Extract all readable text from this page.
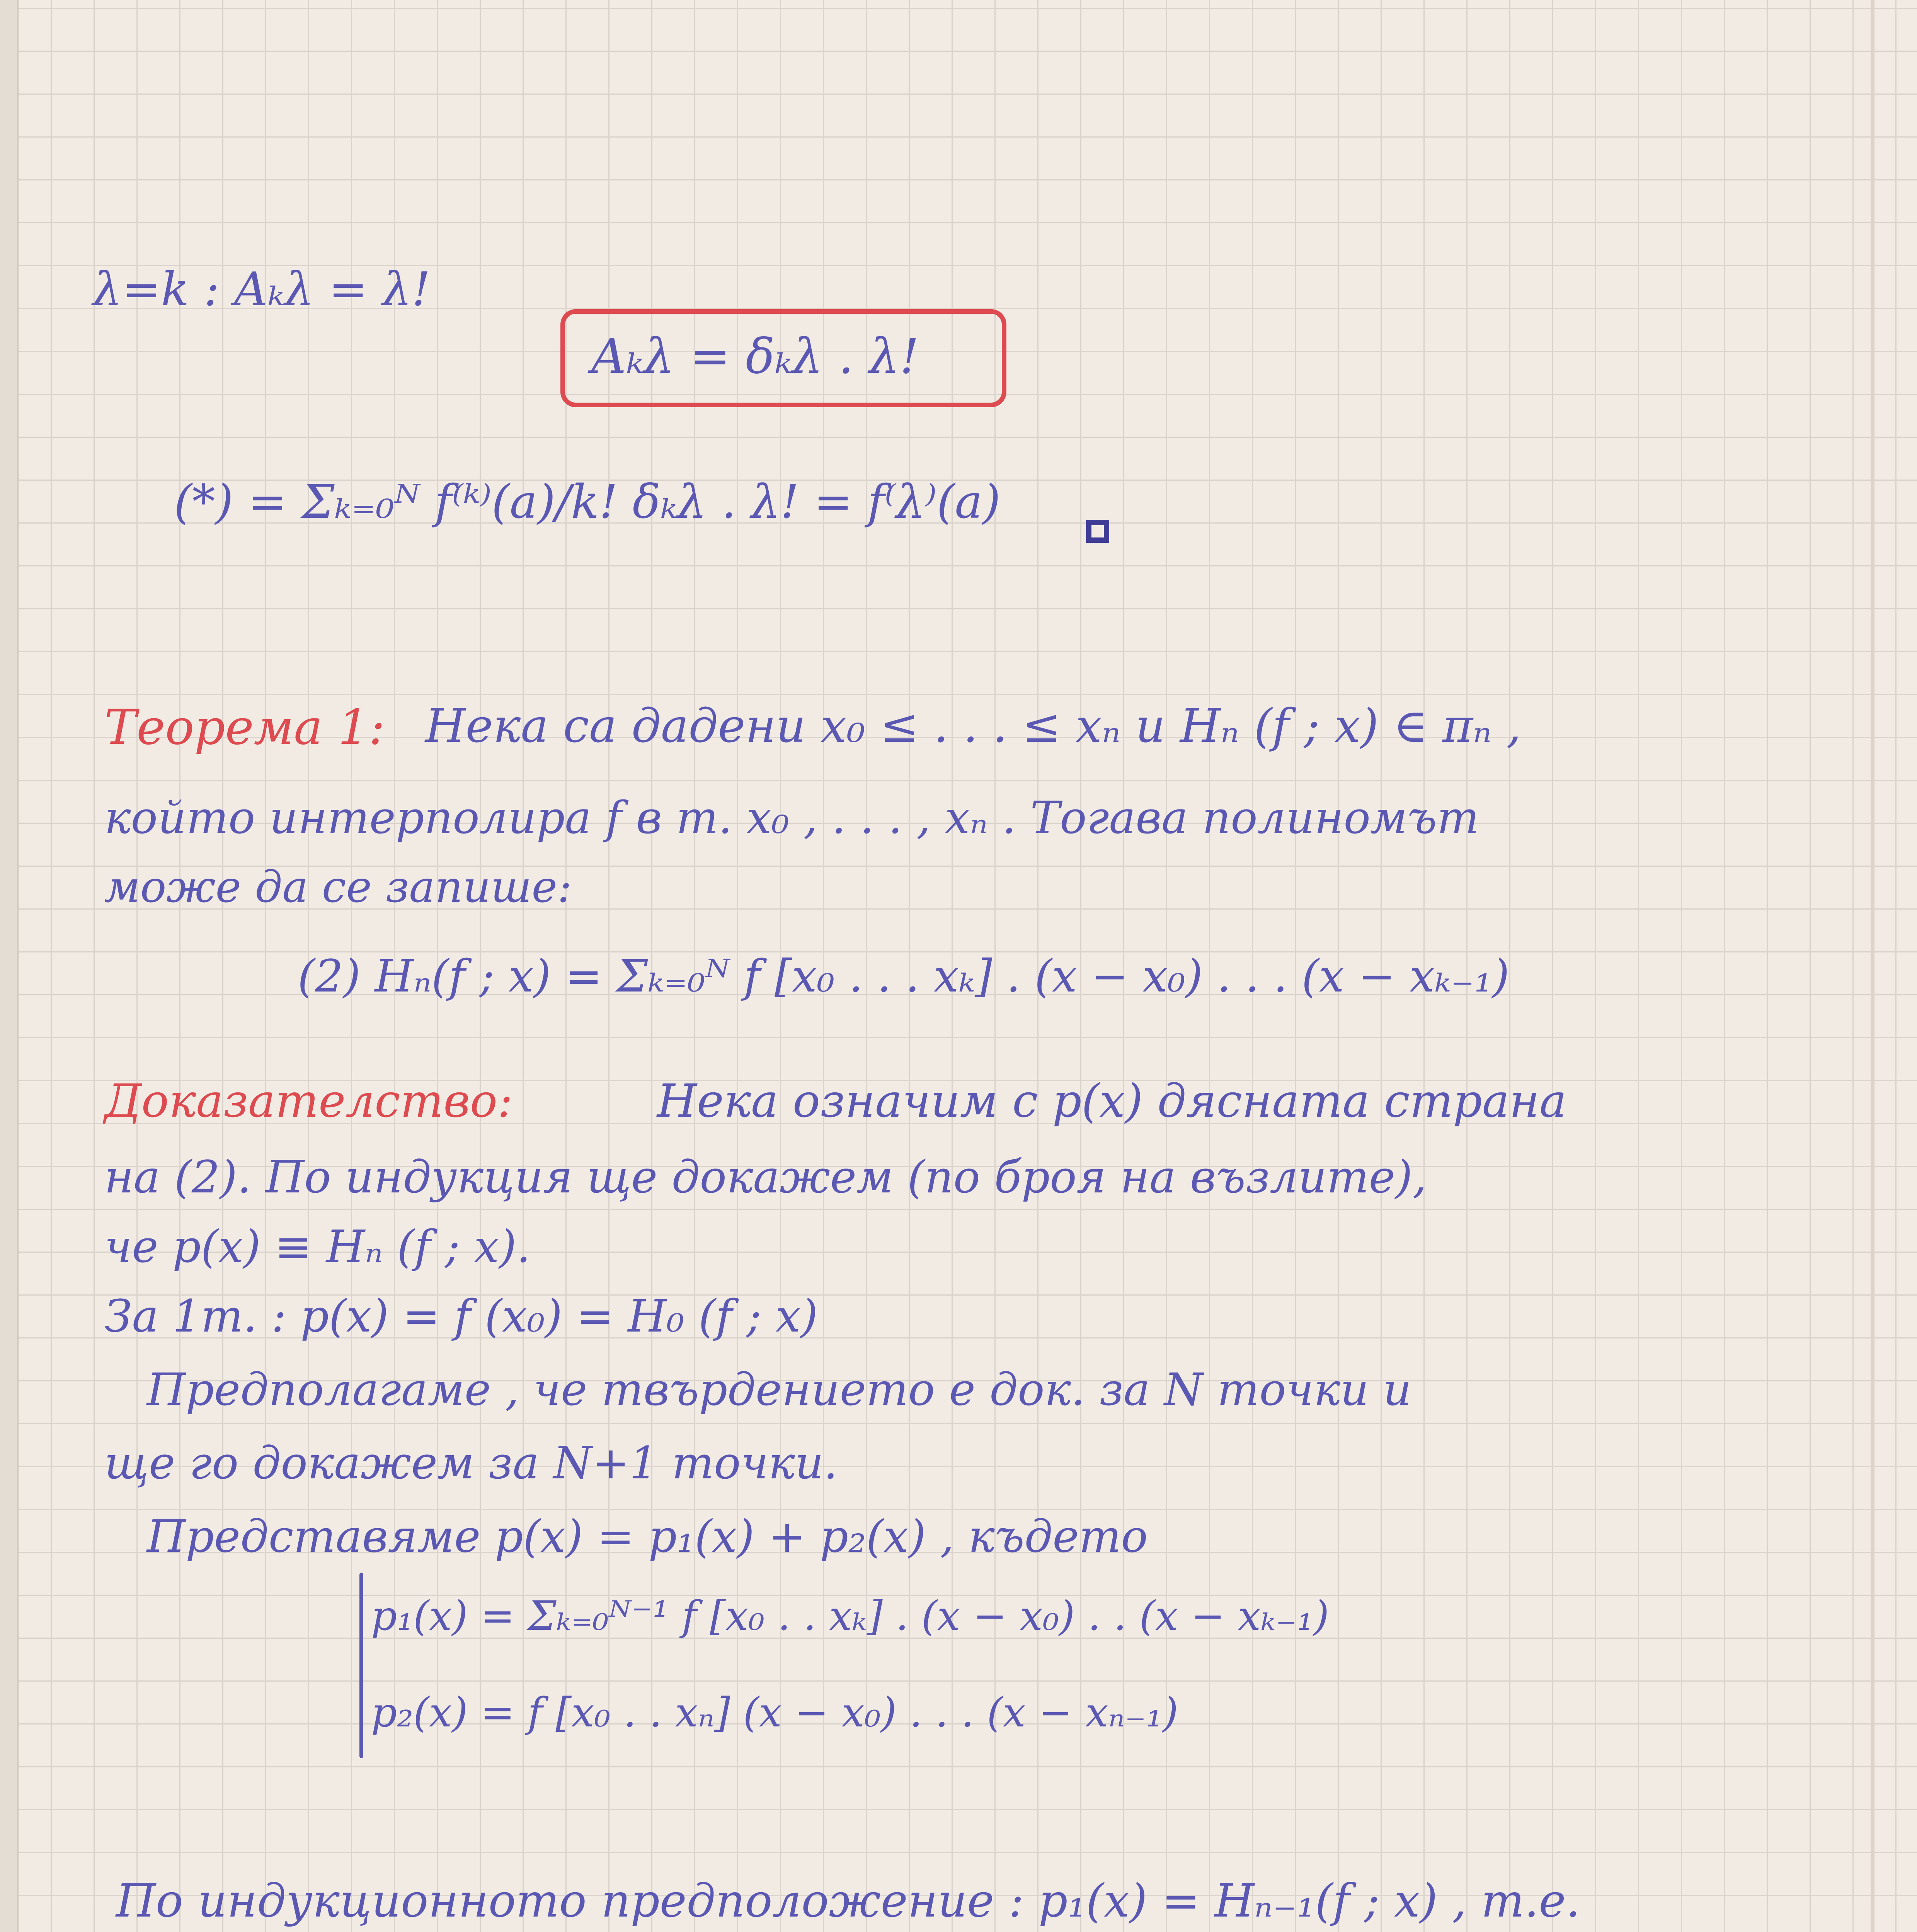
λ=k : Aₖλ = λ!
Aₖλ = δₖλ . λ!
(*) = Σₖ₌₀ᴺ f⁽ᵏ⁾(a)/k! δₖλ . λ! = f⁽λ⁾(a)
Теорема 1: Нека са дадени x₀ ≤ . . . ≤ xₙ и Hₙ (f ; x) ∈ πₙ ,
който интерполира f в т. x₀ , . . . , xₙ . Тогава полиномът
може да се запише:
(2) Hₙ(f ; x) = Σₖ₌₀ᴺ f [x₀ . . . xₖ] . (x − x₀) . . . (x − xₖ₋₁)
Доказателство:	Нека означим с p(x) дясната страна
на (2). По индукция ще докажем (по броя на възлите),
че p(x) ≡ Hₙ (f ; x).
За 1т. : p(x) = f (x₀) = H₀ (f ; x)
Предполагаме , че твърдението е док. за N точки и
ще го докажем за N+1 точки.
Представяме p(x) = p₁(x) + p₂(x) , където
p₁(x) = Σₖ₌₀ᴺ⁻¹ f [x₀ . . xₖ] . (x − x₀) . . (x − xₖ₋₁)
p₂(x) = f [x₀ . . xₙ] (x − x₀) . . . (x − xₙ₋₁)
По индукционното предположение : p₁(x) = Hₙ₋₁(f ; x) , т.е.
